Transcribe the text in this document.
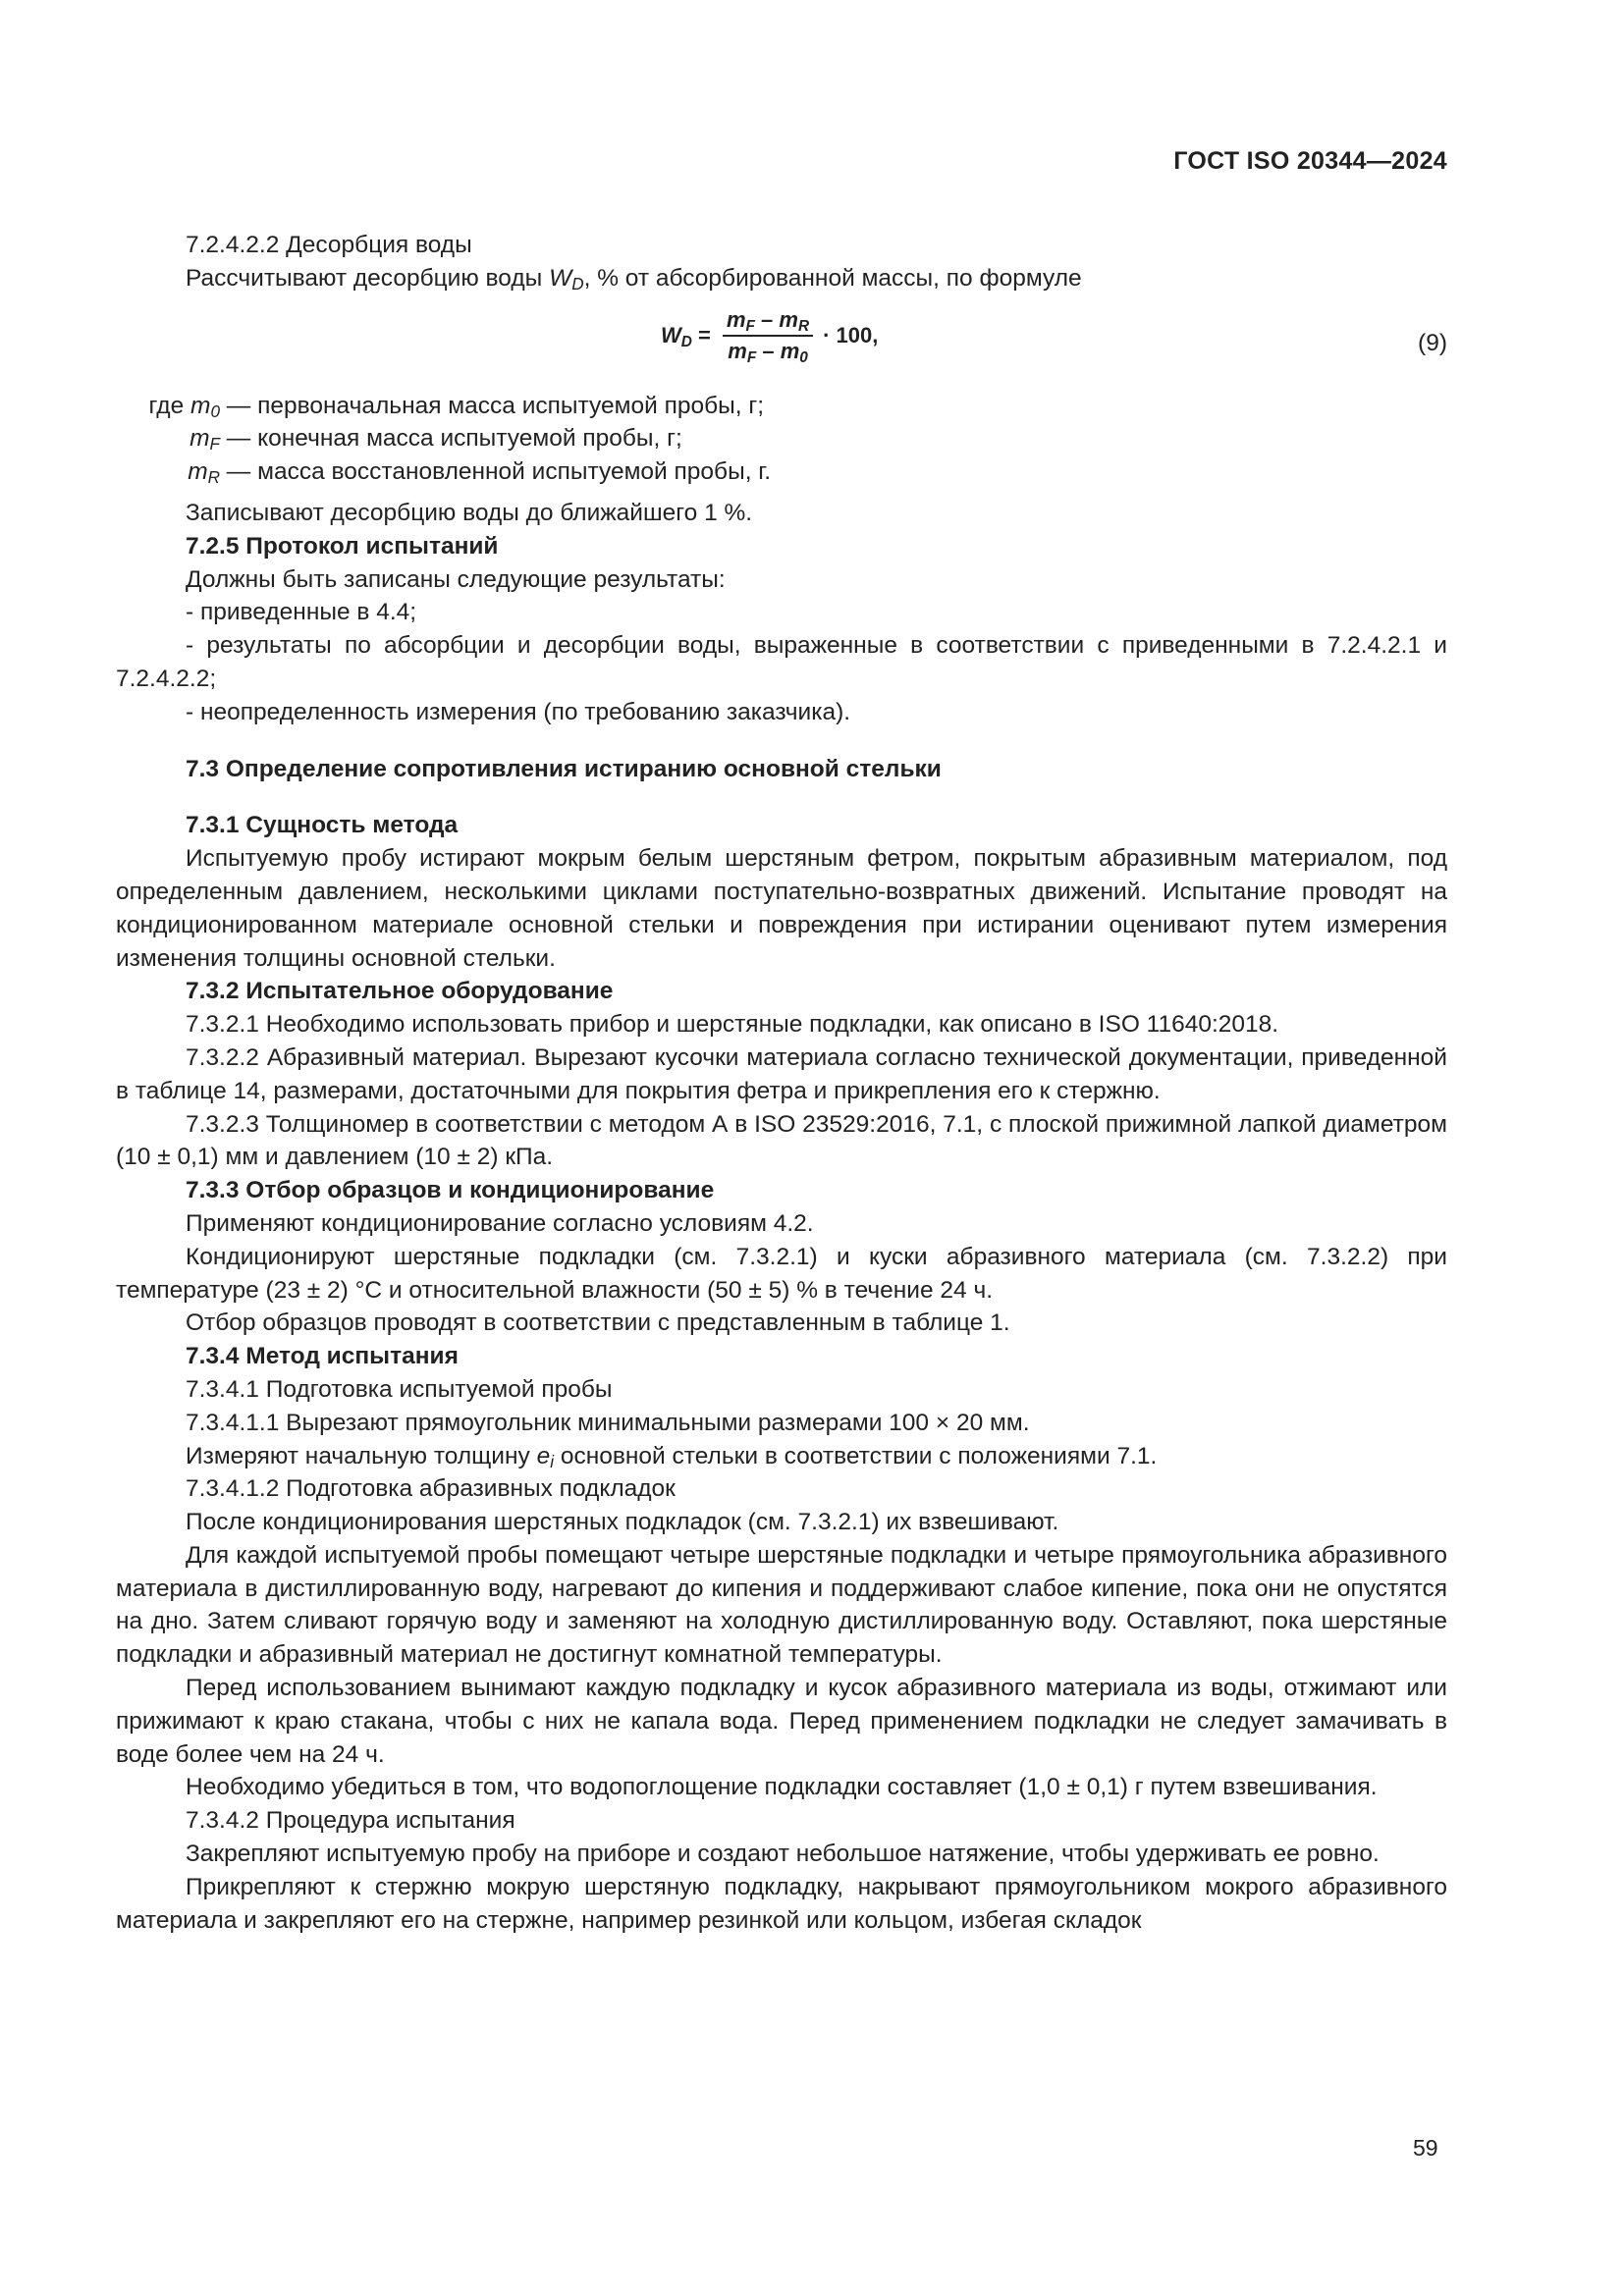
ГОСТ ISO 20344—2024

7.2.4.2.2 Десорбция воды

Рассчитывают десорбцию воды $W_D$, % от абсорбированной массы, по формуле

$W_D = \frac{m_F - m_R}{m_F - m_0} \cdot 100$,	(9)
где $m_0$ — первоначальная масса испытуемой пробы, г;
$m_F$ — конечная масса испытуемой пробы, г;
$m_R$ — масса восстановленной испытуемой пробы, г.

Записывают десорбцию воды до ближайшего 1 %.

7.2.5 Протокол испытаний

Должны быть записаны следующие результаты:

- приведенные в 4.4;

- результаты по абсорбции и десорбции воды, выраженные в соответствии с приведенными в 7.2.4.2.1 и 7.2.4.2.2;

- неопределенность измерения (по требованию заказчика).

7.3 Определение сопротивления истиранию основной стельки

7.3.1 Сущность метода

Испытуемую пробу истирают мокрым белым шерстяным фетром, покрытым абразивным материалом, под определенным давлением, несколькими циклами поступательно-возвратных движений. Испытание проводят на кондиционированном материале основной стельки и повреждения при истирании оценивают путем измерения изменения толщины основной стельки.

7.3.2 Испытательное оборудование

7.3.2.1 Необходимо использовать прибор и шерстяные подкладки, как описано в ISO 11640:2018.

7.3.2.2 Абразивный материал. Вырезают кусочки материала согласно технической документации, приведенной в таблице 14, размерами, достаточными для покрытия фетра и прикрепления его к стержню.

7.3.2.3 Толщиномер в соответствии с методом А в ISO 23529:2016, 7.1, с плоской прижимной лапкой диаметром (10 ± 0,1) мм и давлением (10 ± 2) кПа.

7.3.3 Отбор образцов и кондиционирование

Применяют кондиционирование согласно условиям 4.2.

Кондиционируют шерстяные подкладки (см. 7.3.2.1) и куски абразивного материала (см. 7.3.2.2) при температуре (23 ± 2) °С и относительной влажности (50 ± 5) % в течение 24 ч.

Отбор образцов проводят в соответствии с представленным в таблице 1.

7.3.4 Метод испытания

7.3.4.1 Подготовка испытуемой пробы

7.3.4.1.1 Вырезают прямоугольник минимальными размерами 100 × 20 мм.

Измеряют начальную толщину $e_i$ основной стельки в соответствии с положениями 7.1.

7.3.4.1.2 Подготовка абразивных подкладок

После кондиционирования шерстяных подкладок (см. 7.3.2.1) их взвешивают.

Для каждой испытуемой пробы помещают четыре шерстяные подкладки и четыре прямоугольника абразивного материала в дистиллированную воду, нагревают до кипения и поддерживают слабое кипение, пока они не опустятся на дно. Затем сливают горячую воду и заменяют на холодную дистиллированную воду. Оставляют, пока шерстяные подкладки и абразивный материал не достигнут комнатной температуры.

Перед использованием вынимают каждую подкладку и кусок абразивного материала из воды, отжимают или прижимают к краю стакана, чтобы с них не капала вода. Перед применением подкладки не следует замачивать в воде более чем на 24 ч.

Необходимо убедиться в том, что водопоглощение подкладки составляет (1,0 ± 0,1) г путем взвешивания.

7.3.4.2 Процедура испытания

Закрепляют испытуемую пробу на приборе и создают небольшое натяжение, чтобы удерживать ее ровно.

Прикрепляют к стержню мокрую шерстяную подкладку, накрывают прямоугольником мокрого абразивного материала и закрепляют его на стержне, например резинкой или кольцом, избегая складок

59
